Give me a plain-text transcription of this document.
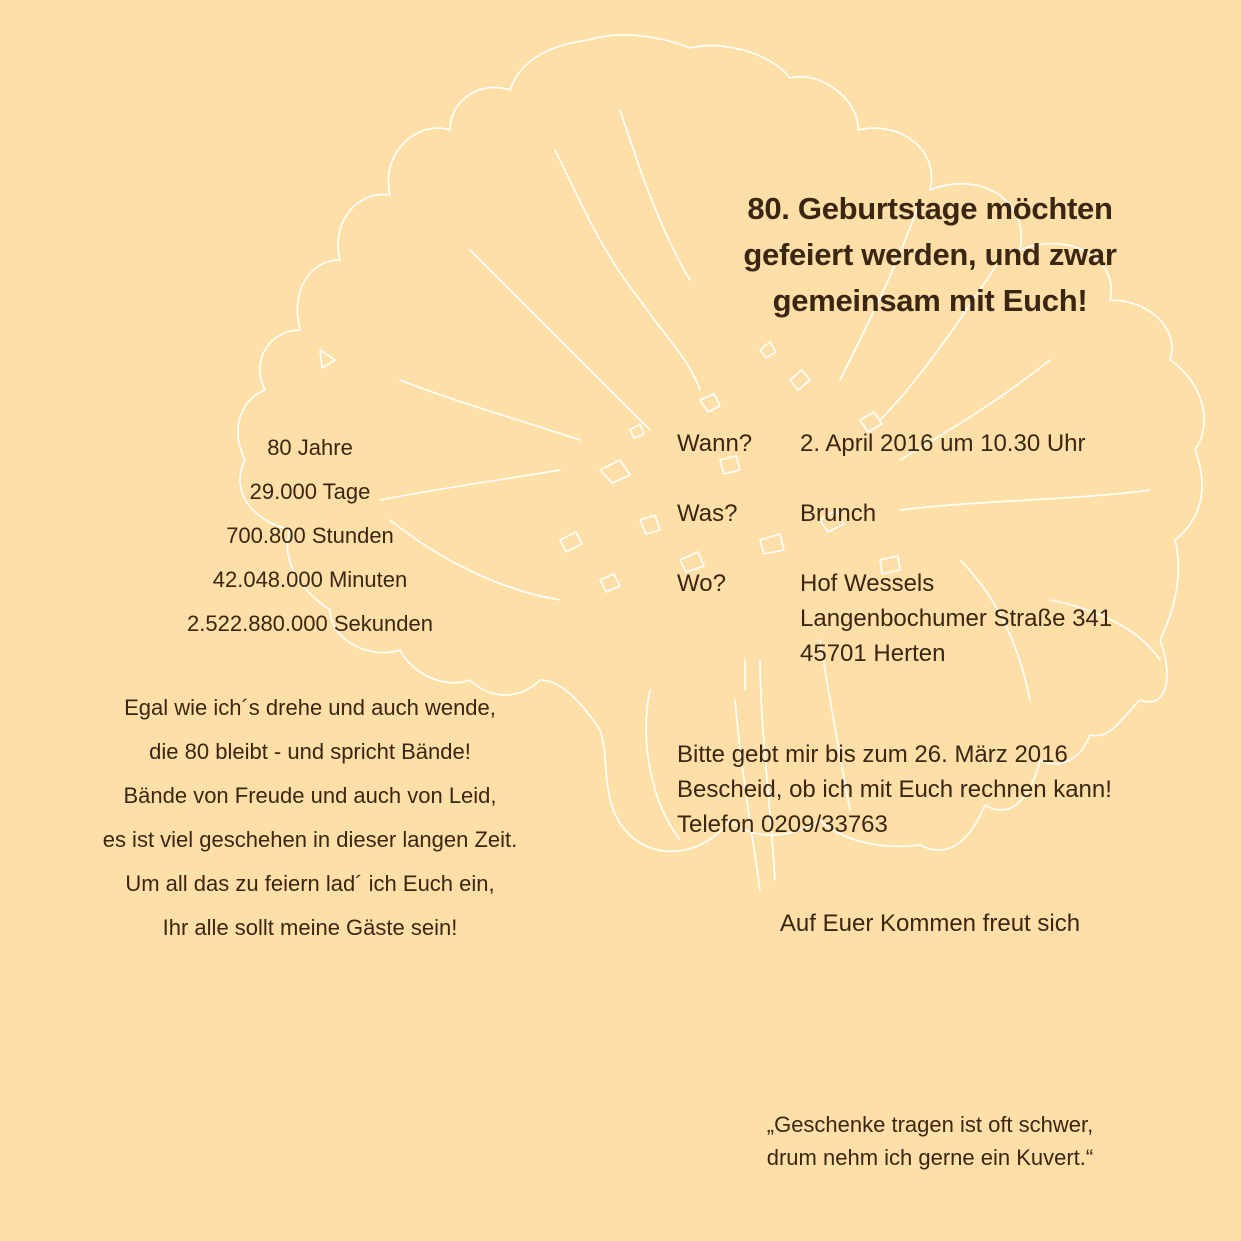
80. Geburtstage möchten
gefeiert werden, und zwar
gemeinsam mit Euch!
80 Jahre
29.000 Tage
700.800 Stunden
42.048.000 Minuten
2.522.880.000 Sekunden
Egal wie ich´s drehe und auch wende,
die 80 bleibt - und spricht Bände!
Bände von Freude und auch von Leid,
es ist viel geschehen in dieser langen Zeit.
Um all das zu feiern lad´ ich Euch ein,
Ihr alle sollt meine Gäste sein!
Wann?	2. April 2016 um 10.30 Uhr
Was?	Brunch
Wo?	Hof Wessels
Langenbochumer Straße 341
45701 Herten
Bitte gebt mir bis zum 26. März 2016
Bescheid, ob ich mit Euch rechnen kann!
Telefon 0209/33763
Auf Euer Kommen freut sich
„Geschenke tragen ist oft schwer,
drum nehm ich gerne ein Kuvert.“
